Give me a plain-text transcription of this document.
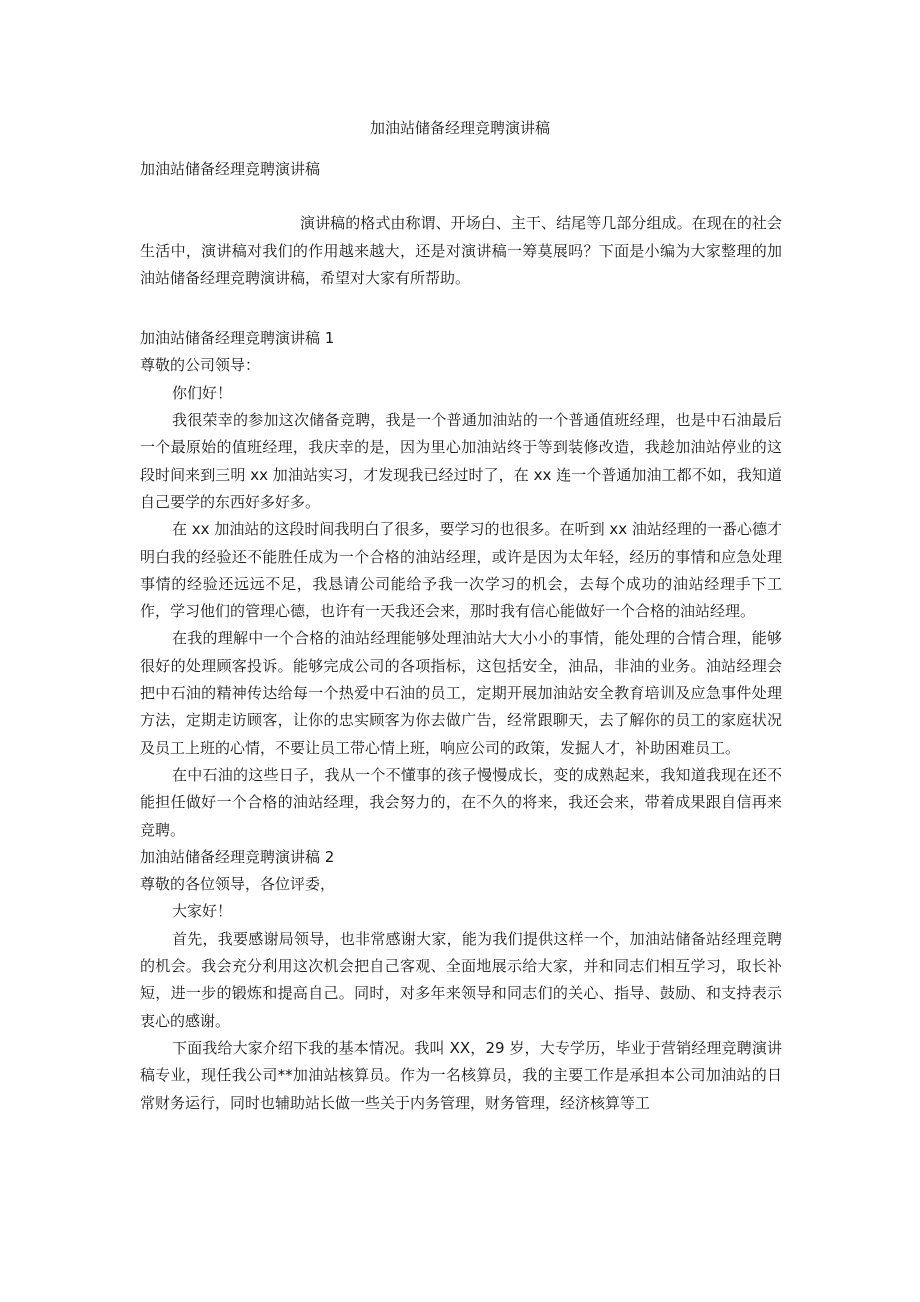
加油站储备经理竞聘演讲稿

加油站储备经理竞聘演讲稿

演讲稿的格式由称谓、开场白、主干、结尾等几部分组成。在现在的社会生活中，演讲稿对我们的作用越来越大，还是对演讲稿一筹莫展吗？下面是小编为大家整理的加油站储备经理竞聘演讲稿，希望对大家有所帮助。

加油站储备经理竞聘演讲稿 1

尊敬的公司领导：

你们好！

我很荣幸的参加这次储备竞聘，我是一个普通加油站的一个普通值班经理，也是中石油最后一个最原始的值班经理，我庆幸的是，因为里心加油站终于等到装修改造，我趁加油站停业的这段时间来到三明 xx 加油站实习，才发现我已经过时了，在 xx 连一个普通加油工都不如，我知道自己要学的东西好多好多。

在 xx 加油站的这段时间我明白了很多，要学习的也很多。在听到 xx 油站经理的一番心德才明白我的经验还不能胜任成为一个合格的油站经理，或许是因为太年轻，经历的事情和应急处理事情的经验还远远不足，我恳请公司能给予我一次学习的机会，去每个成功的油站经理手下工作，学习他们的管理心德，也许有一天我还会来，那时我有信心能做好一个合格的油站经理。

在我的理解中一个合格的油站经理能够处理油站大大小小的事情，能处理的合情合理，能够很好的处理顾客投诉。能够完成公司的各项指标，这包括安全，油品，非油的业务。油站经理会把中石油的精神传达给每一个热爱中石油的员工，定期开展加油站安全教育培训及应急事件处理方法，定期走访顾客，让你的忠实顾客为你去做广告，经常跟聊天，去了解你的员工的家庭状况及员工上班的心情，不要让员工带心情上班，响应公司的政策，发掘人才，补助困难员工。

在中石油的这些日子，我从一个不懂事的孩子慢慢成长，变的成熟起来，我知道我现在还不能担任做好一个合格的油站经理，我会努力的，在不久的将来，我还会来，带着成果跟自信再来竞聘。

加油站储备经理竞聘演讲稿 2

尊敬的各位领导，各位评委，

大家好！

首先，我要感谢局领导，也非常感谢大家，能为我们提供这样一个，加油站储备站经理竞聘的机会。我会充分利用这次机会把自己客观、全面地展示给大家，并和同志们相互学习，取长补短，进一步的锻炼和提高自己。同时，对多年来领导和同志们的关心、指导、鼓励、和支持表示衷心的感谢。

下面我给大家介绍下我的基本情况。我叫 XX，29 岁，大专学历，毕业于营销经理竞聘演讲稿专业，现任我公司**加油站核算员。作为一名核算员，我的主要工作是承担本公司加油站的日常财务运行，同时也辅助站长做一些关于内务管理，财务管理，经济核算等工
